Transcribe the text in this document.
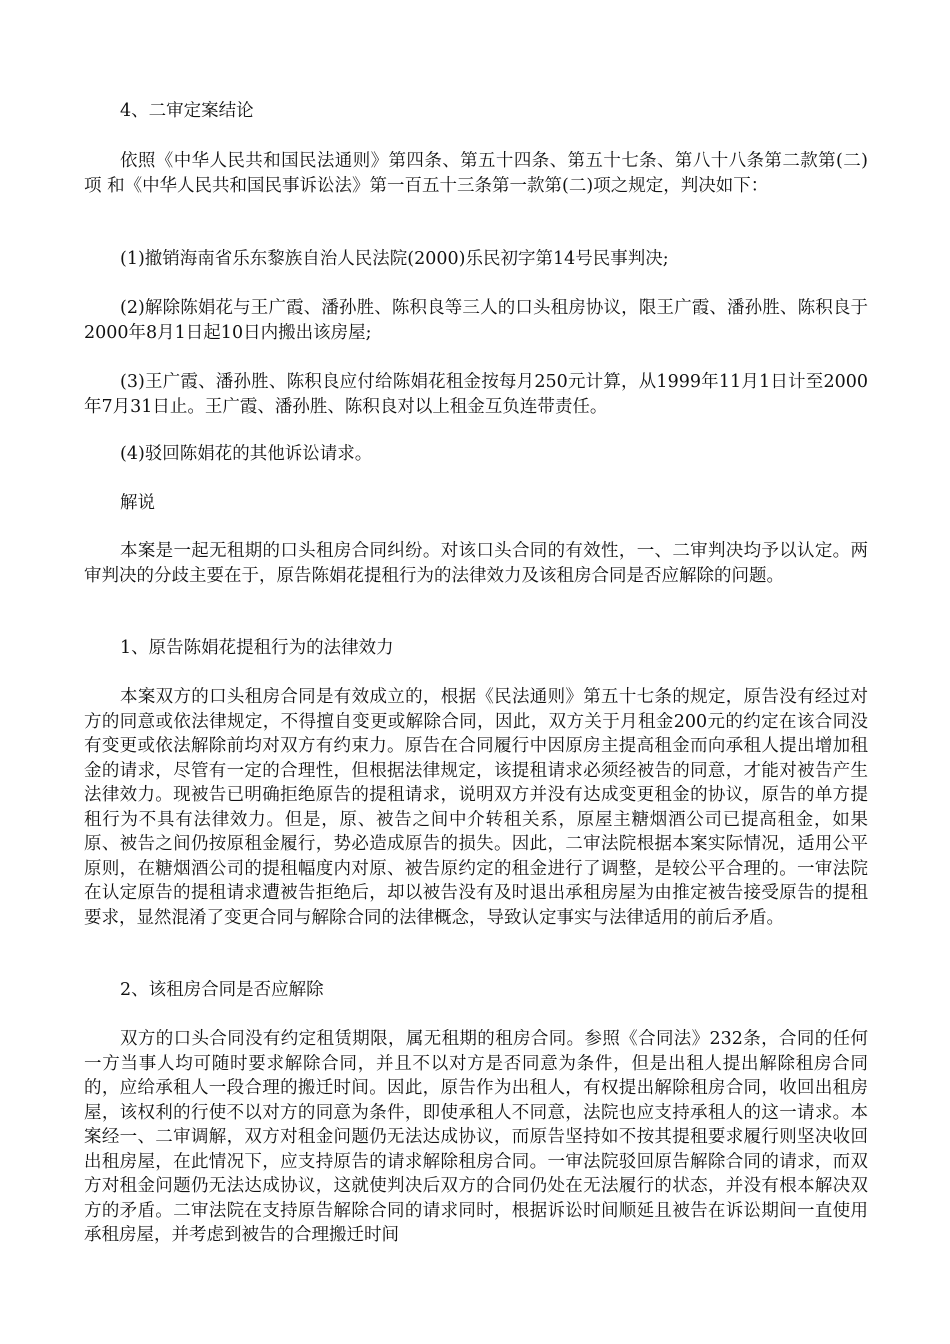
4、二审定案结论

依照《中华人民共和国民法通则》第四条、第五十四条、第五十七条、第八十八条第二款第(二)项 和《中华人民共和国民事诉讼法》第一百五十三条第一款第(二)项之规定，判决如下：

(1)撤销海南省乐东黎族自治人民法院(2000)乐民初字第14号民事判决;

(2)解除陈娟花与王广霞、潘孙胜、陈积良等三人的口头租房协议，限王广霞、潘孙胜、陈积良于2000年8月1日起10日内搬出该房屋;

(3)王广霞、潘孙胜、陈积良应付给陈娟花租金按每月250元计算，从1999年11月1日计至2000年7月31日止。王广霞、潘孙胜、陈积良对以上租金互负连带责任。

(4)驳回陈娟花的其他诉讼请求。

解说

本案是一起无租期的口头租房合同纠纷。对该口头合同的有效性，一、二审判决均予以认定。两审判决的分歧主要在于，原告陈娟花提租行为的法律效力及该租房合同是否应解除的问题。

1、原告陈娟花提租行为的法律效力

本案双方的口头租房合同是有效成立的，根据《民法通则》第五十七条的规定，原告没有经过对方的同意或依法律规定，不得擅自变更或解除合同，因此，双方关于月租金200元的约定在该合同没有变更或依法解除前均对双方有约束力。原告在合同履行中因原房主提高租金而向承租人提出增加租金的请求，尽管有一定的合理性，但根据法律规定，该提租请求必须经被告的同意，才能对被告产生法律效力。现被告已明确拒绝原告的提租请求，说明双方并没有达成变更租金的协议，原告的单方提租行为不具有法律效力。但是，原、被告之间中介转租关系，原屋主糖烟酒公司已提高租金，如果原、被告之间仍按原租金履行，势必造成原告的损失。因此，二审法院根据本案实际情况，适用公平原则，在糖烟酒公司的提租幅度内对原、被告原约定的租金进行了调整，是较公平合理的。一审法院在认定原告的提租请求遭被告拒绝后，却以被告没有及时退出承租房屋为由推定被告接受原告的提租要求，显然混淆了变更合同与解除合同的法律概念，导致认定事实与法律适用的前后矛盾。

2、该租房合同是否应解除

双方的口头合同没有约定租赁期限，属无租期的租房合同。参照《合同法》232条，合同的任何一方当事人均可随时要求解除合同，并且不以对方是否同意为条件，但是出租人提出解除租房合同的，应给承租人一段合理的搬迁时间。因此，原告作为出租人，有权提出解除租房合同，收回出租房屋，该权利的行使不以对方的同意为条件，即使承租人不同意，法院也应支持承租人的这一请求。本案经一、二审调解，双方对租金问题仍无法达成协议，而原告坚持如不按其提租要求履行则坚决收回出租房屋，在此情况下，应支持原告的请求解除租房合同。一审法院驳回原告解除合同的请求，而双方对租金问题仍无法达成协议，这就使判决后双方的合同仍处在无法履行的状态，并没有根本解决双方的矛盾。二审法院在支持原告解除合同的请求同时，根据诉讼时间顺延且被告在诉讼期间一直使用承租房屋，并考虑到被告的合理搬迁时间
